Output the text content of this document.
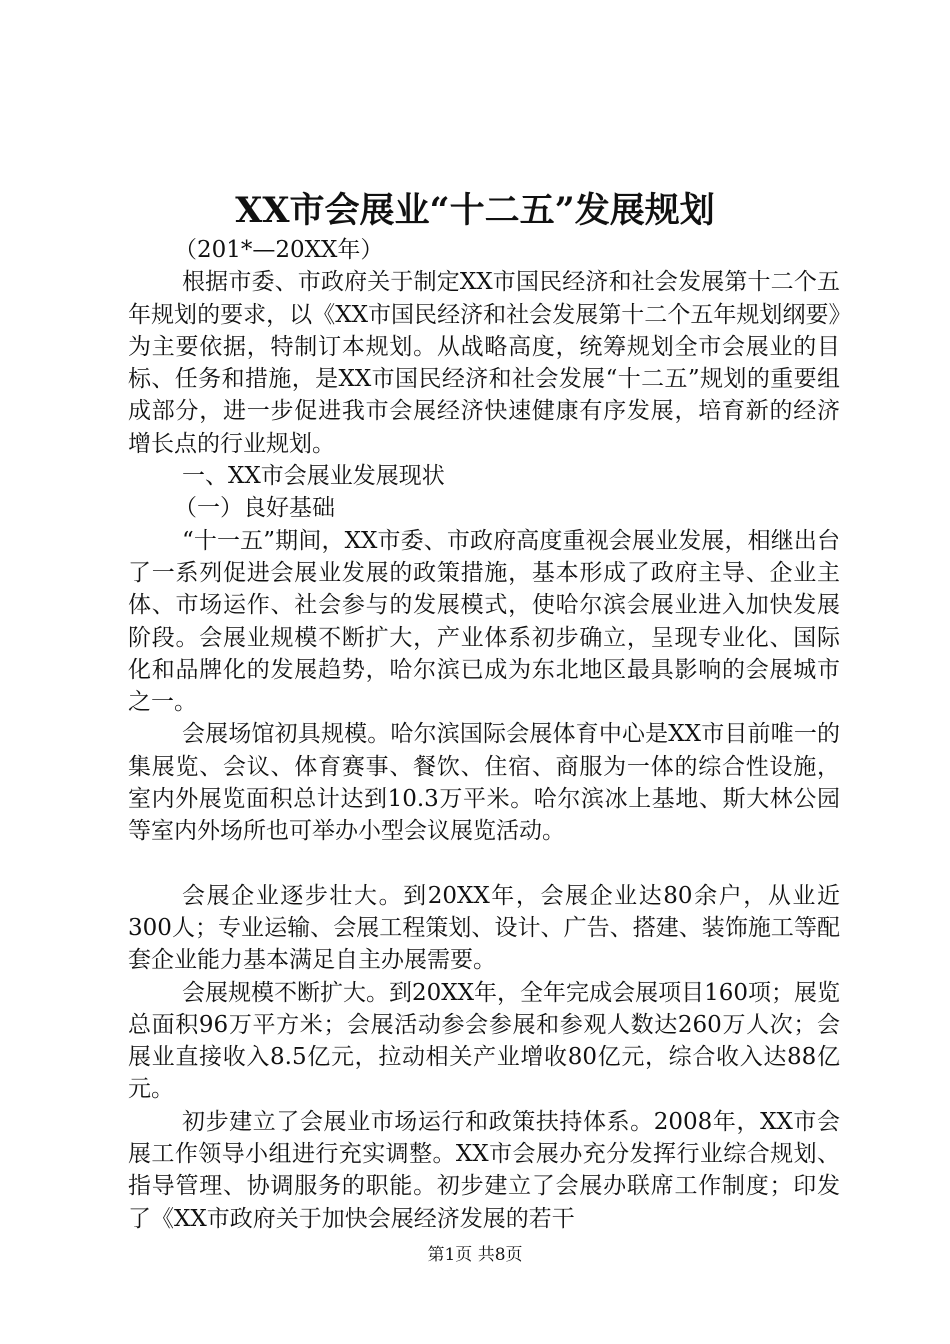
XX市会展业“十二五”发展规划

（201*—20XX年）

根据市委、市政府关于制定XX市国民经济和社会发展第十二个五年规划的要求，以《XX市国民经济和社会发展第十二个五年规划纲要》为主要依据，特制订本规划。从战略高度，统筹规划全市会展业的目标、任务和措施，是XX市国民经济和社会发展“十二五”规划的重要组成部分，进一步促进我市会展经济快速健康有序发展，培育新的经济增长点的行业规划。

一、XX市会展业发展现状

（一）良好基础

“十一五”期间，XX市委、市政府高度重视会展业发展，相继出台了一系列促进会展业发展的政策措施，基本形成了政府主导、企业主体、市场运作、社会参与的发展模式，使哈尔滨会展业进入加快发展阶段。会展业规模不断扩大，产业体系初步确立，呈现专业化、国际化和品牌化的发展趋势，哈尔滨已成为东北地区最具影响的会展城市之一。

会展场馆初具规模。哈尔滨国际会展体育中心是XX市目前唯一的集展览、会议、体育赛事、餐饮、住宿、商服为一体的综合性设施，室内外展览面积总计达到10.3万平米。哈尔滨冰上基地、斯大林公园等室内外场所也可举办小型会议展览活动。

会展企业逐步壮大。到20XX年，会展企业达80余户，从业近300人；专业运输、会展工程策划、设计、广告、搭建、装饰施工等配套企业能力基本满足自主办展需要。

会展规模不断扩大。到20XX年，全年完成会展项目160项；展览总面积96万平方米；会展活动参会参展和参观人数达260万人次；会展业直接收入8.5亿元，拉动相关产业增收80亿元，综合收入达88亿元。

初步建立了会展业市场运行和政策扶持体系。2008年，XX市会展工作领导小组进行充实调整。XX市会展办充分发挥行业综合规划、指导管理、协调服务的职能。初步建立了会展办联席工作制度；印发了《XX市政府关于加快会展经济发展的若干

第1页 共8页
